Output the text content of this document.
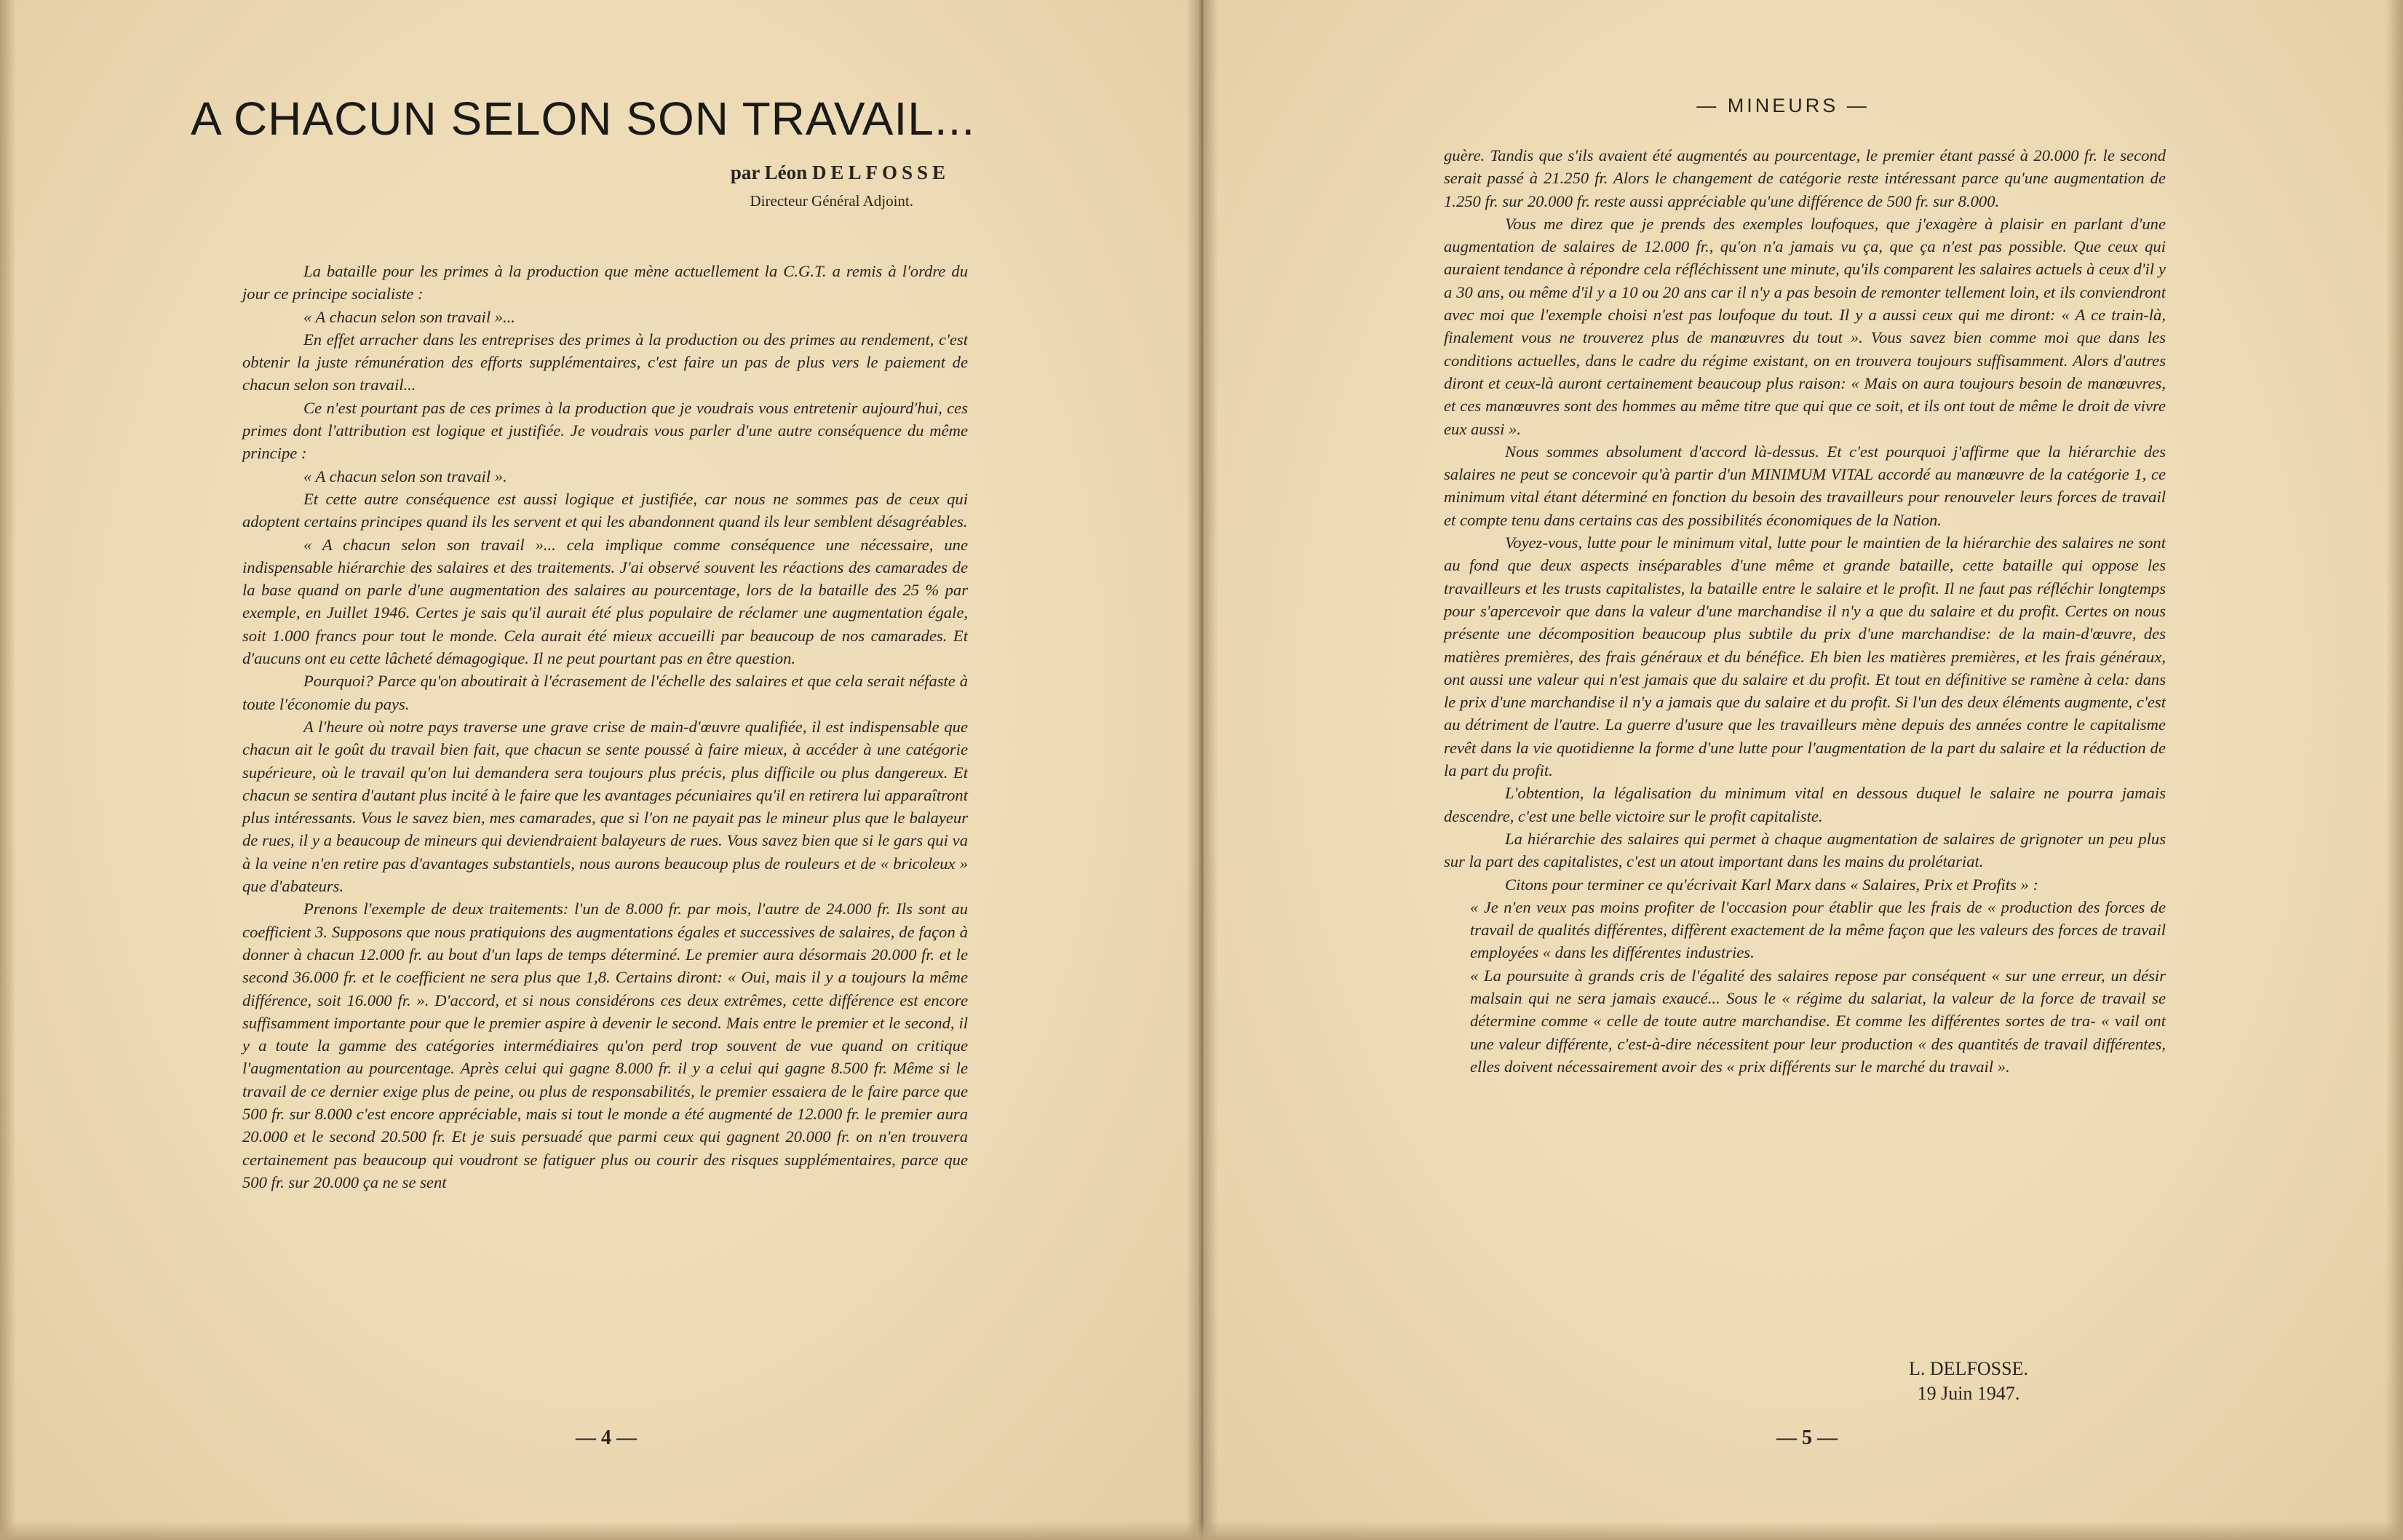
A CHACUN SELON SON TRAVAIL...
par Léon DELFOSSE
Directeur Général Adjoint.

La bataille pour les primes à la production que mène actuellement la C.G.T. a remis à l'ordre du jour ce principe socialiste :

« A chacun selon son travail »...

En effet arracher dans les entreprises des primes à la production ou des primes au rendement, c'est obtenir la juste rémunération des efforts supplémentaires, c'est faire un pas de plus vers le paiement de chacun selon son travail...

Ce n'est pourtant pas de ces primes à la production que je voudrais vous entretenir aujourd'hui, ces primes dont l'attribution est logique et justifiée. Je voudrais vous parler d'une autre conséquence du même principe :

« A chacun selon son travail ».

Et cette autre conséquence est aussi logique et justifiée, car nous ne sommes pas de ceux qui adoptent certains principes quand ils les servent et qui les abandonnent quand ils leur semblent désagréables.

« A chacun selon son travail »... cela implique comme conséquence une nécessaire, une indispensable hiérarchie des salaires et des traitements. J'ai observé souvent les réactions des camarades de la base quand on parle d'une augmentation des salaires au pourcentage, lors de la bataille des 25 % par exemple, en Juillet 1946. Certes je sais qu'il aurait été plus populaire de réclamer une augmentation égale, soit 1.000 francs pour tout le monde. Cela aurait été mieux accueilli par beaucoup de nos camarades. Et d'aucuns ont eu cette lâcheté démagogique. Il ne peut pourtant pas en être question.

Pourquoi? Parce qu'on aboutirait à l'écrasement de l'échelle des salaires et que cela serait néfaste à toute l'économie du pays.

A l'heure où notre pays traverse une grave crise de main-d'œuvre qualifiée, il est indispensable que chacun ait le goût du travail bien fait, que chacun se sente poussé à faire mieux, à accéder à une catégorie supérieure, où le travail qu'on lui demandera sera toujours plus précis, plus difficile ou plus dangereux. Et chacun se sentira d'autant plus incité à le faire que les avantages pécuniaires qu'il en retirera lui apparaîtront plus intéressants. Vous le savez bien, mes camarades, que si l'on ne payait pas le mineur plus que le balayeur de rues, il y a beaucoup de mineurs qui deviendraient balayeurs de rues. Vous savez bien que si le gars qui va à la veine n'en retire pas d'avantages substantiels, nous aurons beaucoup plus de rouleurs et de « bricoleux » que d'abateurs.

Prenons l'exemple de deux traitements: l'un de 8.000 fr. par mois, l'autre de 24.000 fr. Ils sont au coefficient 3. Supposons que nous pratiquions des augmentations égales et successives de salaires, de façon à donner à chacun 12.000 fr. au bout d'un laps de temps déterminé. Le premier aura désormais 20.000 fr. et le second 36.000 fr. et le coefficient ne sera plus que 1,8. Certains diront: « Oui, mais il y a toujours la même différence, soit 16.000 fr. ». D'accord, et si nous considérons ces deux extrêmes, cette différence est encore suffisamment importante pour que le premier aspire à devenir le second. Mais entre le premier et le second, il y a toute la gamme des catégories intermédiaires qu'on perd trop souvent de vue quand on critique l'augmentation au pourcentage. Après celui qui gagne 8.000 fr. il y a celui qui gagne 8.500 fr. Même si le travail de ce dernier exige plus de peine, ou plus de responsabilités, le premier essaiera de le faire parce que 500 fr. sur 8.000 c'est encore appréciable, mais si tout le monde a été augmenté de 12.000 fr. le premier aura 20.000 et le second 20.500 fr. Et je suis persuadé que parmi ceux qui gagnent 20.000 fr. on n'en trouvera certainement pas beaucoup qui voudront se fatiguer plus ou courir des risques supplémentaires, parce que 500 fr. sur 20.000 ça ne se sent

— 4 —
— MINEURS —

guère. Tandis que s'ils avaient été augmentés au pourcentage, le premier étant passé à 20.000 fr. le second serait passé à 21.250 fr. Alors le changement de catégorie reste intéressant parce qu'une augmentation de 1.250 fr. sur 20.000 fr. reste aussi appréciable qu'une différence de 500 fr. sur 8.000.

Vous me direz que je prends des exemples loufoques, que j'exagère à plaisir en parlant d'une augmentation de salaires de 12.000 fr., qu'on n'a jamais vu ça, que ça n'est pas possible. Que ceux qui auraient tendance à répondre cela réfléchissent une minute, qu'ils comparent les salaires actuels à ceux d'il y a 30 ans, ou même d'il y a 10 ou 20 ans car il n'y a pas besoin de remonter tellement loin, et ils conviendront avec moi que l'exemple choisi n'est pas loufoque du tout. Il y a aussi ceux qui me diront: « A ce train-là, finalement vous ne trouverez plus de manœuvres du tout ». Vous savez bien comme moi que dans les conditions actuelles, dans le cadre du régime existant, on en trouvera toujours suffisamment. Alors d'autres diront et ceux-là auront certainement beaucoup plus raison: « Mais on aura toujours besoin de manœuvres, et ces manœuvres sont des hommes au même titre que qui que ce soit, et ils ont tout de même le droit de vivre eux aussi ».

Nous sommes absolument d'accord là-dessus. Et c'est pourquoi j'affirme que la hiérarchie des salaires ne peut se concevoir qu'à partir d'un MINIMUM VITAL accordé au manœuvre de la catégorie 1, ce minimum vital étant déterminé en fonction du besoin des travailleurs pour renouveler leurs forces de travail et compte tenu dans certains cas des possibilités économiques de la Nation.

Voyez-vous, lutte pour le minimum vital, lutte pour le maintien de la hiérarchie des salaires ne sont au fond que deux aspects inséparables d'une même et grande bataille, cette bataille qui oppose les travailleurs et les trusts capitalistes, la bataille entre le salaire et le profit. Il ne faut pas réfléchir longtemps pour s'apercevoir que dans la valeur d'une marchandise il n'y a que du salaire et du profit. Certes on nous présente une décomposition beaucoup plus subtile du prix d'une marchandise: de la main-d'œuvre, des matières premières, des frais généraux et du bénéfice. Eh bien les matières premières, et les frais généraux, ont aussi une valeur qui n'est jamais que du salaire et du profit. Et tout en définitive se ramène à cela: dans le prix d'une marchandise il n'y a jamais que du salaire et du profit. Si l'un des deux éléments augmente, c'est au détriment de l'autre. La guerre d'usure que les travailleurs mène depuis des années contre le capitalisme revêt dans la vie quotidienne la forme d'une lutte pour l'augmentation de la part du salaire et la réduction de la part du profit.

L'obtention, la légalisation du minimum vital en dessous duquel le salaire ne pourra jamais descendre, c'est une belle victoire sur le profit capitaliste.

La hiérarchie des salaires qui permet à chaque augmentation de salaires de grignoter un peu plus sur la part des capitalistes, c'est un atout important dans les mains du prolétariat.

Citons pour terminer ce qu'écrivait Karl Marx dans « Salaires, Prix et Profits » :

« Je n'en veux pas moins profiter de l'occasion pour établir que les frais de « production des forces de travail de qualités différentes, diffèrent exactement de la même façon que les valeurs des forces de travail employées « dans les différentes industries.

« La poursuite à grands cris de l'égalité des salaires repose par conséquent « sur une erreur, un désir malsain qui ne sera jamais exaucé... Sous le « régime du salariat, la valeur de la force de travail se détermine comme « celle de toute autre marchandise. Et comme les différentes sortes de tra- « vail ont une valeur différente, c'est-à-dire nécessitent pour leur production « des quantités de travail différentes, elles doivent nécessairement avoir des « prix différents sur le marché du travail ».

L. DELFOSSE.
19 Juin 1947.
— 5 —
